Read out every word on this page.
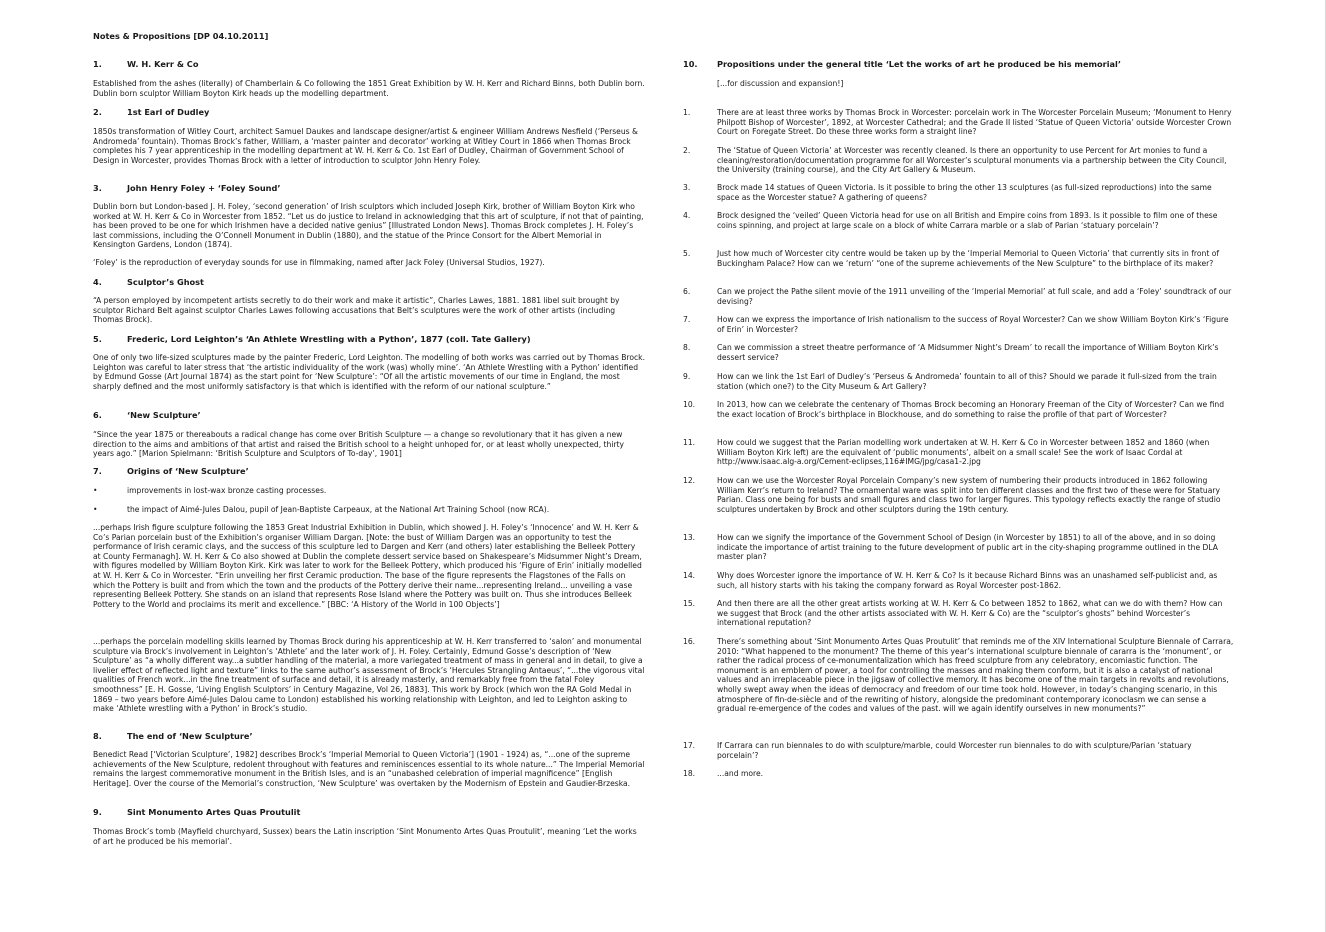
Notes & Propositions [DP 04.10.2011]
1.	W. H. Kerr & Co
Established from the ashes (literally) of Chamberlain & Co following the 1851 Great Exhibition by W. H. Kerr and Richard Binns, both Dublin born. Dublin born sculptor William Boyton Kirk heads up the modelling department.
2.	1st Earl of Dudley
1850s transformation of Witley Court, architect Samuel Daukes and landscape designer/artist & engineer William Andrews Nesfield (‘Perseus & Andromeda’ fountain). Thomas Brock’s father, William, a ‘master painter and decorator’ working at Witley Court in 1866 when Thomas Brock completes his 7 year apprenticeship in the modelling department at W. H. Kerr & Co. 1st Earl of Dudley, Chairman of Government School of Design in Worcester, provides Thomas Brock with a letter of introduction to sculptor John Henry Foley.
3.	John Henry Foley + ‘Foley Sound’
Dublin born but London-based J. H. Foley, ‘second generation’ of Irish sculptors which included Joseph Kirk, brother of William Boyton Kirk who worked at W. H. Kerr & Co in Worcester from 1852. “Let us do justice to Ireland in acknowledging that this art of sculpture, if not that of painting, has been proved to be one for which Irishmen have a decided native genius” [Illustrated London News]. Thomas Brock completes J. H. Foley’s last commissions, including the O’Connell Monument in Dublin (1880), and the statue of the Prince Consort for the Albert Memorial in Kensington Gardens, London (1874).
‘Foley’ is the reproduction of everyday sounds for use in filmmaking, named after Jack Foley (Universal Studios, 1927).
4.	Sculptor’s Ghost
“A person employed by incompetent artists secretly to do their work and make it artistic”, Charles Lawes, 1881. 1881 libel suit brought by sculptor Richard Belt against sculptor Charles Lawes following accusations that Belt’s sculptures were the work of other artists (including Thomas Brock).
5.	Frederic, Lord Leighton’s ‘An Athlete Wrestling with a Python’, 1877 (coll. Tate Gallery)
One of only two life-sized sculptures made by the painter Frederic, Lord Leighton. The modelling of both works was carried out by Thomas Brock. Leighton was careful to later stress that ‘the artistic individuality of the work (was) wholly mine’. ‘An Athlete Wrestling with a Python’ identified by Edmund Gosse (Art Journal 1874) as the start point for ‘New Sculpture’: “Of all the artistic movements of our time in England, the most sharply defined and the most uniformly satisfactory is that which is identified with the reform of our national sculpture.”
6.	‘New Sculpture’
“Since the year 1875 or thereabouts a radical change has come over British Sculpture — a change so revolutionary that it has given a new direction to the aims and ambitions of that artist and raised the British school to a height unhoped for, or at least wholly unexpected, thirty years ago.” [Marion Spielmann: ‘British Sculpture and Sculptors of To-day’, 1901]
7.	Origins of ‘New Sculpture’
•	improvements in lost-wax bronze casting processes.
•	the impact of Aimé-Jules Dalou, pupil of Jean-Baptiste Carpeaux, at the National Art Training School (now RCA).
...perhaps Irish figure sculpture following the 1853 Great Industrial Exhibition in Dublin, which showed J. H. Foley’s ‘Innocence’ and W. H. Kerr & Co’s Parian porcelain bust of the Exhibition’s organiser William Dargan. [Note: the bust of William Dargen was an opportunity to test the performance of Irish ceramic clays, and the success of this sculpture led to Dargen and Kerr (and others) later establishing the Belleek Pottery at County Fermanagh]. W. H. Kerr & Co also showed at Dublin the complete dessert service based on Shakespeare’s Midsummer Night’s Dream, with figures modelled by William Boyton Kirk. Kirk was later to work for the Belleek Pottery, which produced his ‘Figure of Erin’ initially modelled at W. H. Kerr & Co in Worcester. “Erin unveiling her first Ceramic production. The base of the figure represents the Flagstones of the Falls on which the Pottery is built and from which the town and the products of the Pottery derive their name...representing Ireland... unveiling a vase representing Belleek Pottery. She stands on an island that represents Rose Island where the Pottery was built on. Thus she introduces Belleek Pottery to the World and proclaims its merit and excellence.” [BBC: ‘A History of the World in 100 Objects’]
...perhaps the porcelain modelling skills learned by Thomas Brock during his apprenticeship at W. H. Kerr transferred to ‘salon’ and monumental sculpture via Brock’s involvement in Leighton’s ‘Athlete’ and the later work of J. H. Foley. Certainly, Edmund Gosse’s description of ‘New Sculpture’ as “a wholly different way...a subtler handling of the material, a more variegated treatment of mass in general and in detail, to give a livelier effect of reflected light and texture” links to the same author’s assessment of Brock’s ‘Hercules Strangling Antaeus’, “...the vigorous vital qualities of French work...in the fine treatment of surface and detail, it is already masterly, and remarkably free from the fatal Foley smoothness” [E. H. Gosse, ‘Living English Sculptors’ in Century Magazine, Vol 26, 1883]. This work by Brock (which won the RA Gold Medal in 1869 – two years before Aimé-Jules Dalou came to London) established his working relationship with Leighton, and led to Leighton asking to make ‘Athlete wrestling with a Python’ in Brock’s studio.
8.	The end of ‘New Sculpture’
Benedict Read [‘Victorian Sculpture’, 1982] describes Brock’s ‘Imperial Memorial to Queen Victoria’] (1901 - 1924) as, “...one of the supreme achievements of the New Sculpture, redolent throughout with features and reminiscences essential to its whole nature...” The Imperial Memorial remains the largest commemorative monument in the British Isles, and is an “unabashed celebration of imperial magnificence” [English Heritage]. Over the course of the Memorial’s construction, ‘New Sculpture’ was overtaken by the Modernism of Epstein and Gaudier-Brzeska.
9.	Sint Monumento Artes Quas Proutulit
Thomas Brock’s tomb (Mayfield churchyard, Sussex) bears the Latin inscription ‘Sint Monumento Artes Quas Proutulit’, meaning ‘Let the works of art he produced be his memorial’.
10. Propositions under the general title ‘Let the works of art he produced be his memorial’
[...for discussion and expansion!]
1.	There are at least three works by Thomas Brock in Worcester: porcelain work in The Worcester Porcelain Museum; ‘Monument to Henry Philpott Bishop of Worcester’, 1892, at Worcester Cathedral; and the Grade II listed ‘Statue of Queen Victoria’ outside Worcester Crown Court on Foregate Street. Do these three works form a straight line?
2.	The ‘Statue of Queen Victoria’ at Worcester was recently cleaned. Is there an opportunity to use Percent for Art monies to fund a cleaning/restoration/documentation programme for all Worcester’s sculptural monuments via a partnership between the City Council, the University (training course), and the City Art Gallery & Museum.
3.	Brock made 14 statues of Queen Victoria. Is it possible to bring the other 13 sculptures (as full-sized reproductions) into the same space as the Worcester statue? A gathering of queens?
4.	Brock designed the ‘veiled’ Queen Victoria head for use on all British and Empire coins from 1893. Is it possible to film one of these coins spinning, and project at large scale on a block of white Carrara marble or a slab of Parian ‘statuary porcelain’?
5.	Just how much of Worcester city centre would be taken up by the ‘Imperial Memorial to Queen Victoria’ that currently sits in front of Buckingham Palace? How can we ‘return’ “one of the supreme achievements of the New Sculpture” to the birthplace of its maker?
6.	Can we project the Pathe silent movie of the 1911 unveiling of the ‘Imperial Memorial’ at full scale, and add a ‘Foley’ soundtrack of our devising?
7.	How can we express the importance of Irish nationalism to the success of Royal Worcester? Can we show William Boyton Kirk’s ‘Figure of Erin’ in Worcester?
8.	Can we commission a street theatre performance of ‘A Midsummer Night’s Dream’ to recall the importance of William Boyton Kirk’s dessert service?
9.	How can we link the 1st Earl of Dudley’s ‘Perseus & Andromeda’ fountain to all of this? Should we parade it full-sized from the train station (which one?) to the City Museum & Art Gallery?
10.	In 2013, how can we celebrate the centenary of Thomas Brock becoming an Honorary Freeman of the City of Worcester? Can we find the exact location of Brock’s birthplace in Blockhouse, and do something to raise the profile of that part of Worcester?
11.	How could we suggest that the Parian modelling work undertaken at W. H. Kerr & Co in Worcester between 1852 and 1860 (when William Boyton Kirk left) are the equivalent of ‘public monuments’, albeit on a small scale! See the work of Isaac Cordal at http://www.isaac.alg-a.org/Cement-eclipses,116#IMG/jpg/casa1-2.jpg
12.	How can we use the Worcester Royal Porcelain Company’s new system of numbering their products introduced in 1862 following William Kerr’s return to Ireland? The ornamental ware was split into ten different classes and the first two of these were for Statuary Parian. Class one being for busts and small figures and class two for larger figures. This typology reflects exactly the range of studio sculptures undertaken by Brock and other sculptors during the 19th century.
13.	How can we signify the importance of the Government School of Design (in Worcester by 1851) to all of the above, and in so doing indicate the importance of artist training to the future development of public art in the city-shaping programme outlined in the DLA master plan?
14.	Why does Worcester ignore the importance of W. H. Kerr & Co? Is it because Richard Binns was an unashamed self-publicist and, as such, all history starts with his taking the company forward as Royal Worcester post-1862.
15.	And then there are all the other great artists working at W. H. Kerr & Co between 1852 to 1862, what can we do with them? How can we suggest that Brock (and the other artists associated with W. H. Kerr & Co) are the “sculptor’s ghosts” behind Worcester’s international reputation?
16.	There’s something about ‘Sint Monumento Artes Quas Proutulit’ that reminds me of the XIV International Sculpture Biennale of Carrara, 2010: “What happened to the monument? The theme of this year’s international sculpture biennale of cararra is the ‘monument’, or rather the radical process of ce-monumentalization which has freed sculpture from any celebratory, encomiastic function. The monument is an emblem of power, a tool for controlling the masses and making them conform, but it is also a catalyst of national values and an irreplaceable piece in the jigsaw of collective memory. It has become one of the main targets in revolts and revolutions, wholly swept away when the ideas of democracy and freedom of our time took hold. However, in today’s changing scenario, in this atmosphere of fin-de-siècle and of the rewriting of history, alongside the predominant contemporary iconoclasm we can sense a gradual re-emergence of the codes and values of the past. will we again identify ourselves in new monuments?”
17.	If Carrara can run biennales to do with sculpture/marble, could Worcester run biennales to do with sculpture/Parian ‘statuary porcelain’?
18.	...and more.
